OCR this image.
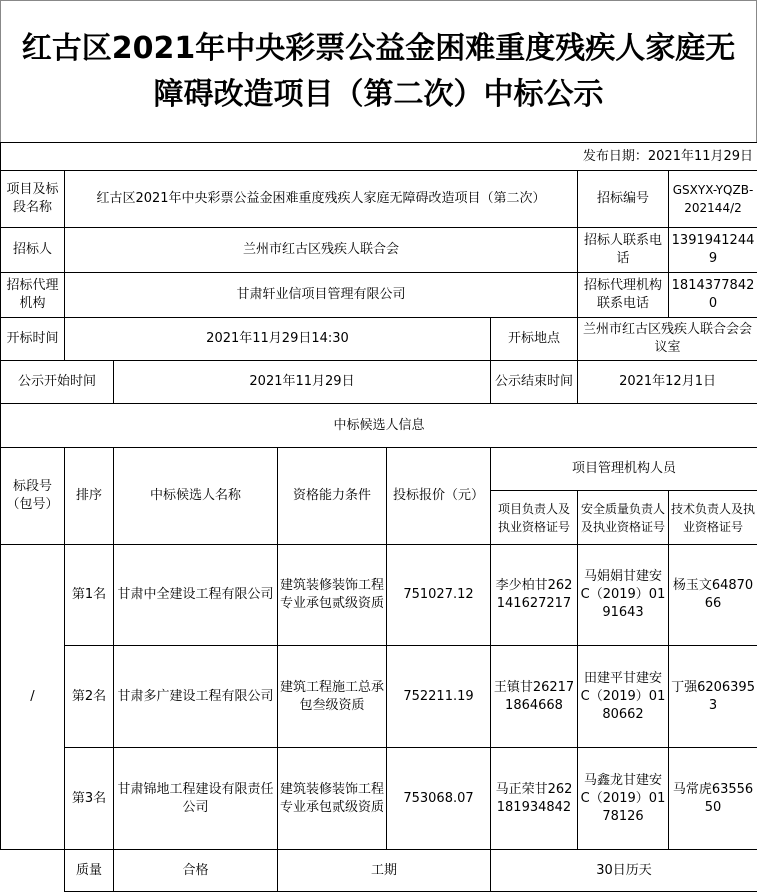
红古区2021年中央彩票公益金困难重度残疾人家庭无障碍改造项目（第二次）中标公示
发布日期：2021年11月29日							
项目及标段名称	红古区2021年中央彩票公益金困难重度残疾人家庭无障碍改造项目（第二次）					招标编号	GSXYX-YQZB-202144/2
招标人	兰州市红古区残疾人联合会					招标人联系电话	13919412449
招标代理机构	甘肃轩业信项目管理有限公司					招标代理机构联系电话	18143778420
开标时间	2021年11月29日14:30				开标地点	兰州市红古区残疾人联合会会议室	
公示开始时间		2021年11月29日			公示结束时间	2021年12月1日	
中标候选人信息							
标段号（包号）	排序	中标候选人名称	资格能力条件	投标报价（元）	项目管理机构人员		
					项目负责人及执业资格证号	安全质量负责人及执业资格证号	技术负责人及执业资格证号
/	第1名	甘肃中全建设工程有限公司	建筑装修装饰工程专业承包贰级资质	751027.12	李少柏甘262141627217	马娟娟甘建安C（2019）0191643	杨玉文6487066
	第2名	甘肃多广建设工程有限公司	建筑工程施工总承包叁级资质	752211.19	王镇甘262171864668	田建平甘建安C（2019）0180662	丁强62063953
	第3名	甘肃锦地工程建设有限责任公司	建筑装修装饰工程专业承包贰级资质	753068.07	马正荣甘262181934842	马鑫龙甘建安C（2019）0178126	马常虎6355650
	质量	合格	工期		30日历天		
